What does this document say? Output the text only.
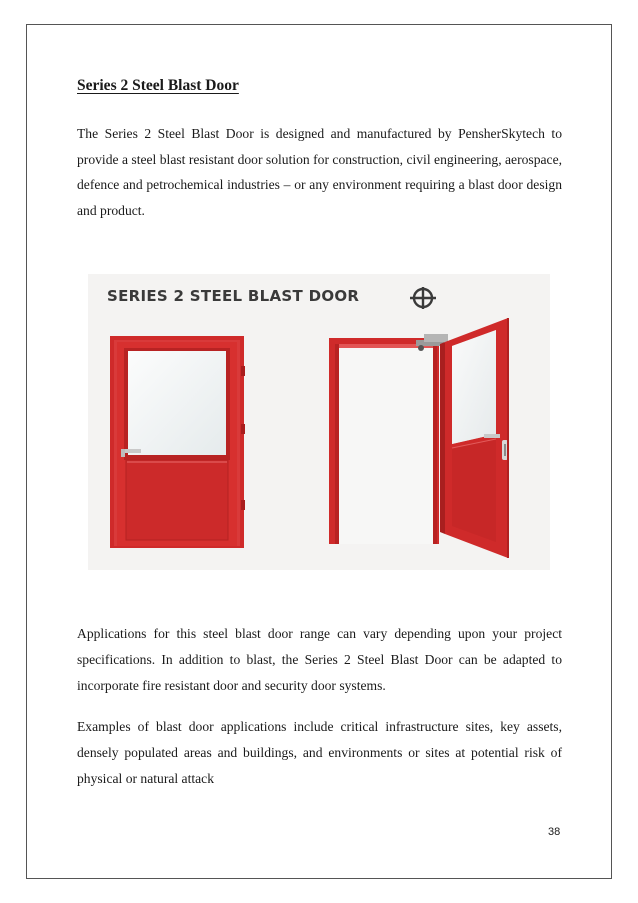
Series 2 Steel Blast Door

The Series 2 Steel Blast Door is designed and manufactured by PensherSkytech to provide a steel blast resistant door solution for construction, civil engineering, aerospace, defence and petrochemical industries – or any environment requiring a blast door design and product.

SERIES 2 STEEL BLAST DOOR

Applications for this steel blast door range can vary depending upon your project specifications. In addition to blast, the Series 2 Steel Blast Door can be adapted to incorporate fire resistant door and security door systems.

Examples of blast door applications include critical infrastructure sites, key assets, densely populated areas and buildings, and environments or sites at potential risk of physical or natural attack

38
